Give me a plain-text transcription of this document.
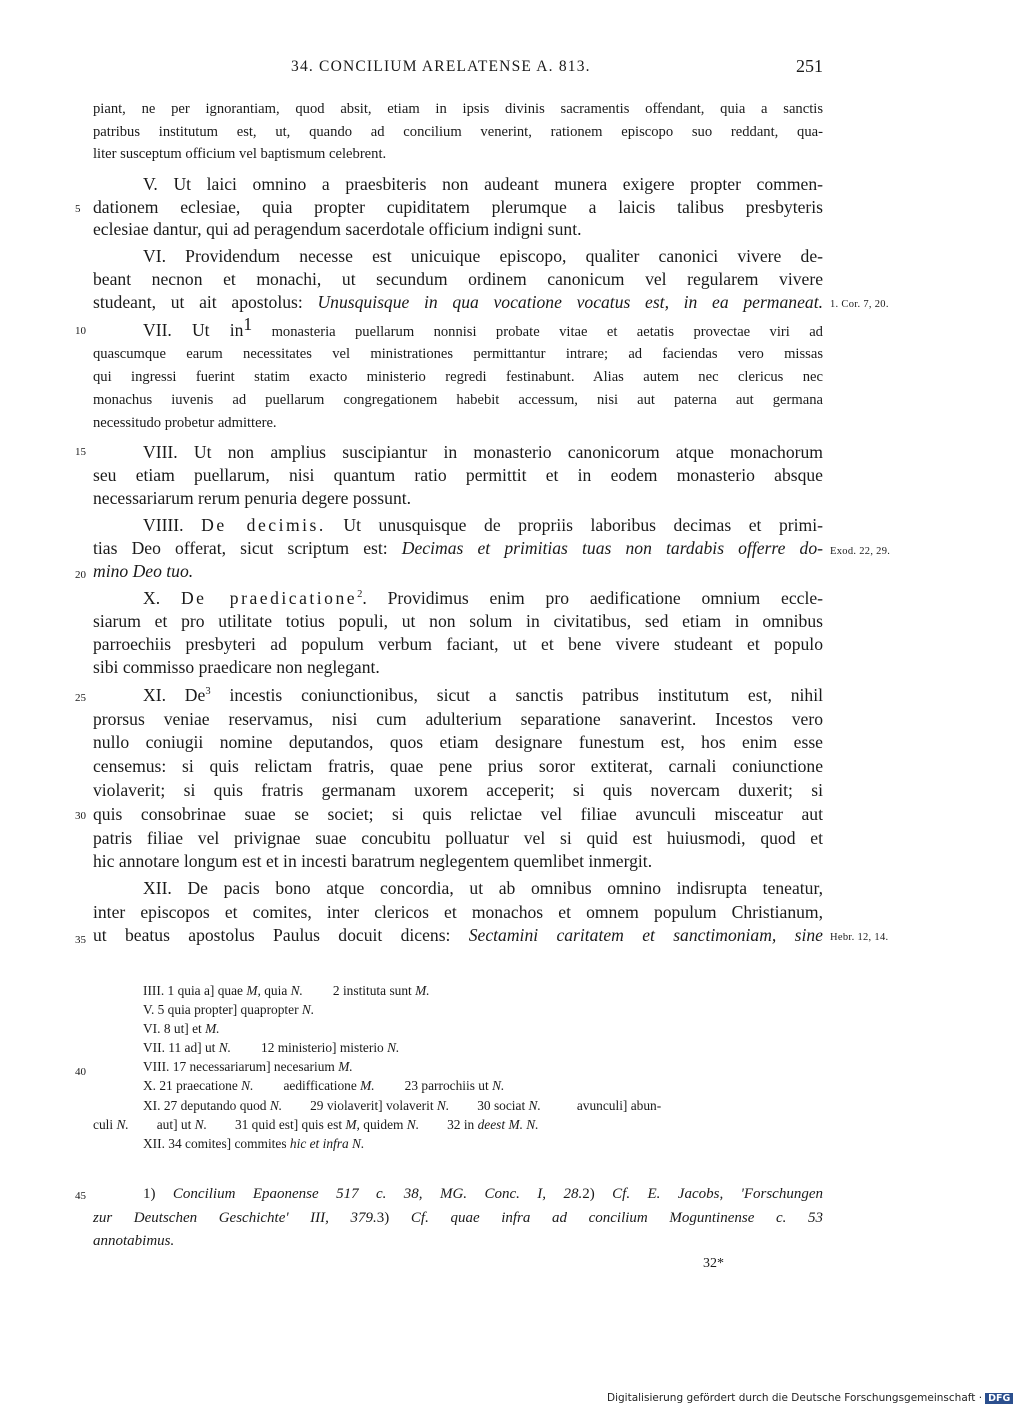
34. CONCILIUM ARELATENSE A. 813.	251
piant, ne per ignorantiam, quod absit, etiam in ipsis divinis sacramentis offendant, quia a sanctis
patribus institutum est, ut, quando ad concilium venerint, rationem episcopo suo reddant, qua-
liter susceptum officium vel baptismum celebrent.
V. Ut laici omnino a praesbiteris non audeant munera exigere propter commen-
dationem eclesiae, quia propter cupiditatem plerumque a laicis talibus presbyteris
eclesiae dantur, qui ad peragendum sacerdotale officium indigni sunt.
VI. Providendum necesse est unicuique episcopo, qualiter canonici vivere de-
beant necnon et monachi, ut secundum ordinem canonicum vel regularem vivere
studeant, ut ait apostolus: Unusquisque in qua vocatione vocatus est, in ea permaneat.
VII. Ut $in^1$ monasteria puellarum nonnisi probate vitae et aetatis provectae viri ad
quascumque earum necessitates vel ministrationes permittantur intrare; ad faciendas vero missas
qui ingressi fuerint statim exacto ministerio regredi festinabunt. Alias autem nec clericus nec
monachus iuvenis ad puellarum congregationem habebit accessum, nisi aut paterna aut germana
necessitudo probetur admittere.
VIII. Ut non amplius suscipiantur in monasterio canonicorum atque monachorum
seu etiam puellarum, nisi quantum ratio permittit et in eodem monasterio absque
necessariarum rerum penuria degere possunt.
VIIII. De decimis. Ut unusquisque de propriis laboribus decimas et primi-
tias Deo offerat, sicut scriptum est: Decimas et primitias tuas non tardabis offerre do-
mino Deo tuo.
X. De praedicatione$^2$. Providimus enim pro aedificatione omnium eccle-
siarum et pro utilitate totius populi, ut non solum in civitatibus, sed etiam in omnibus
parroechiis presbyteri ad populum verbum faciant, ut et bene vivere studeant et populo
sibi commisso praedicare non neglegant.
XI. De$^3$ incestis coniunctionibus, sicut a sanctis patribus institutum est, nihil
prorsus veniae reservamus, nisi cum adulterium separatione sanaverint. Incestos vero
nullo coniugii nomine deputandos, quos etiam designare funestum est, hos enim esse
censemus: si quis relictam fratris, quae pene prius soror extiterat, carnali coniunctione
violaverit; si quis fratris germanam uxorem acceperit; si quis novercam duxerit; si
quis consobrinae suae se societ; si quis relictae vel filiae avunculi misceatur aut
patris filiae vel privignae suae concubitu polluatur vel si quid est huiusmodi, quod et
hic annotare longum est et in incesti baratrum neglegentem quemlibet inmergit.
XII. De pacis bono atque concordia, ut ab omnibus omnino indisrupta teneatur,
inter episcopos et comites, inter clericos et monachos et omnem populum Christianum,
ut beatus apostolus Paulus docuit dicens: Sectamini caritatem et sanctimoniam, sine
5
10
15
20
25
30
35
40
45
1. Cor. 7, 20.
Exod. 22, 29.
Hebr. 12, 14.
IIII. 1 quia a] quae M, quia N. 2 instituta sunt M.
V. 5 quia propter] quapropter N.
VI. 8 ut] et M.
VII. 11 ad] ut N. 12 ministerio] misterio N.
VIII. 17 necessariarum] necesarium M.
X. 21 praecatione N. aedifficatione M. 23 parrochiis ut N.
XI. 27 deputando quod N. 29 violaverit] volaverit N. 30 sociat N.	avunculi] abun-
culi N. aut] ut N. 31 quid est] quis est M, quidem N. 32 in deest M. N.
XII. 34 comites] commites hic et infra N.
1) Concilium Epaonense 517 c. 38, MG. Conc. I, 28.2) Cf. E. Jacobs, 'Forschungen
zur Deutschen Geschichte' III, 379.3) Cf. quae infra ad concilium Moguntinense c. 53
annotabimus.
32*
Digitalisierung gefördert durch die Deutsche Forschungsgemeinschaft · DFG
